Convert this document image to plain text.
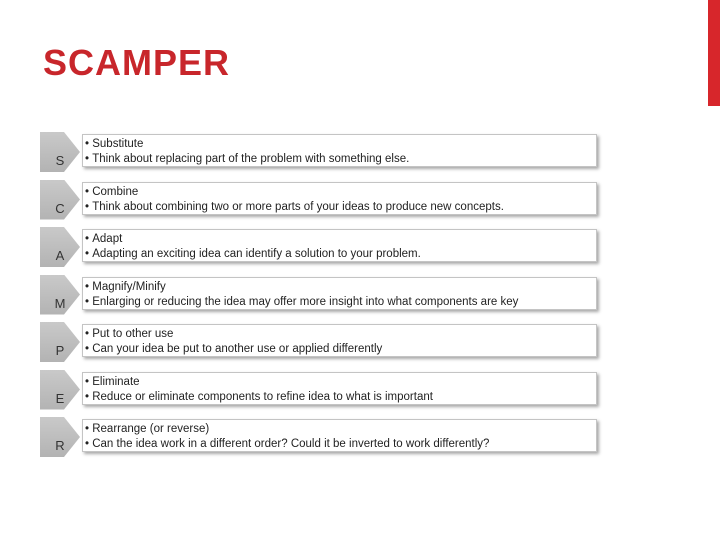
SCAMPER
S
• Substitute
• Think about replacing part of the problem with something else.
C
• Combine
• Think about combining two or more parts of your ideas to produce new concepts.
A
• Adapt
• Adapting an exciting idea can identify a solution to your problem.
M
• Magnify/Minify
• Enlarging or reducing the idea may offer more insight into what components are key
P
• Put to other use
• Can your idea be put to another use or applied differently
E
• Eliminate
• Reduce or eliminate components to refine idea to what is important
R
• Rearrange (or reverse)
• Can the idea work in a different order? Could it be inverted to work differently?
